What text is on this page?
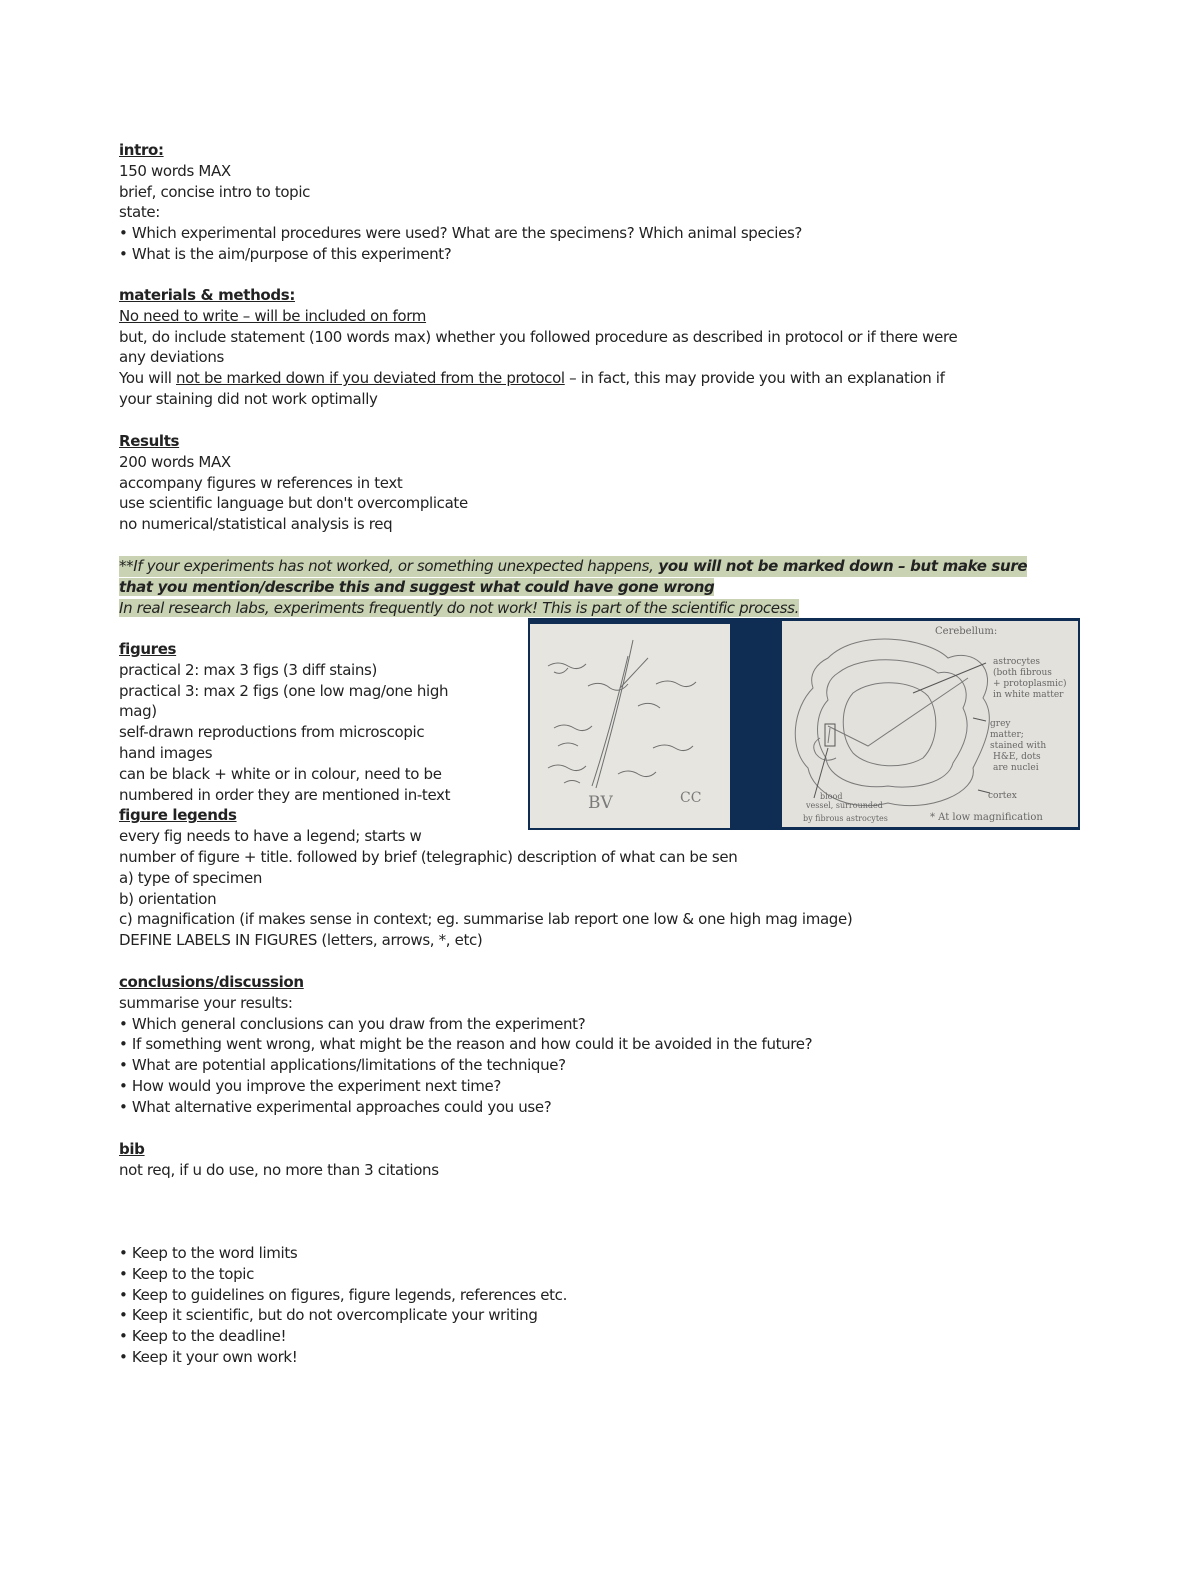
intro:
150 words MAX
brief, concise intro to topic
state:
• Which experimental procedures were used? What are the specimens? Which animal species?
• What is the aim/purpose of this experiment?
materials & methods:
No need to write – will be included on form
but, do include statement (100 words max) whether you followed procedure as described in protocol or if there were
any deviations
You will not be marked down if you deviated from the protocol – in fact, this may provide you with an explanation if
your staining did not work optimally
Results
200 words MAX
accompany figures w references in text
use scientific language but don't overcomplicate
no numerical/statistical analysis is req
**If your experiments has not worked, or something unexpected happens, you will not be marked down – but make sure
that you mention/describe this and suggest what could have gone wrong
In real research labs, experiments frequently do not work! This is part of the scientific process.
figures
practical 2: max 3 figs (3 diff stains)
practical 3: max 2 figs (one low mag/one high
mag)
self-drawn reproductions from microscopic
hand images
can be black + white or in colour, need to be
numbered in order they are mentioned in-text
figure legends
every fig needs to have a legend; starts w
number of figure + title. followed by brief (telegraphic) description of what can be sen
a) type of specimen
b) orientation
c) magnification (if makes sense in context; eg. summarise lab report one low & one high mag image)
DEFINE LABELS IN FIGURES (letters, arrows, *, etc)
BV	CC
Cerebellum:
astrocytes
(both fibrous
+ protoplasmic)
in white matter
grey
matter;
stained with
H&E, dots
are nuclei
cortex
blood
vessel, surrounded
by fibrous astrocytes	* At low magnification
conclusions/discussion
summarise your results:
• Which general conclusions can you draw from the experiment?
• If something went wrong, what might be the reason and how could it be avoided in the future?
• What are potential applications/limitations of the technique?
• How would you improve the experiment next time?
• What alternative experimental approaches could you use?
bib
not req, if u do use, no more than 3 citations
• Keep to the word limits
• Keep to the topic
• Keep to guidelines on figures, figure legends, references etc.
• Keep it scientific, but do not overcomplicate your writing
• Keep to the deadline!
• Keep it your own work!
